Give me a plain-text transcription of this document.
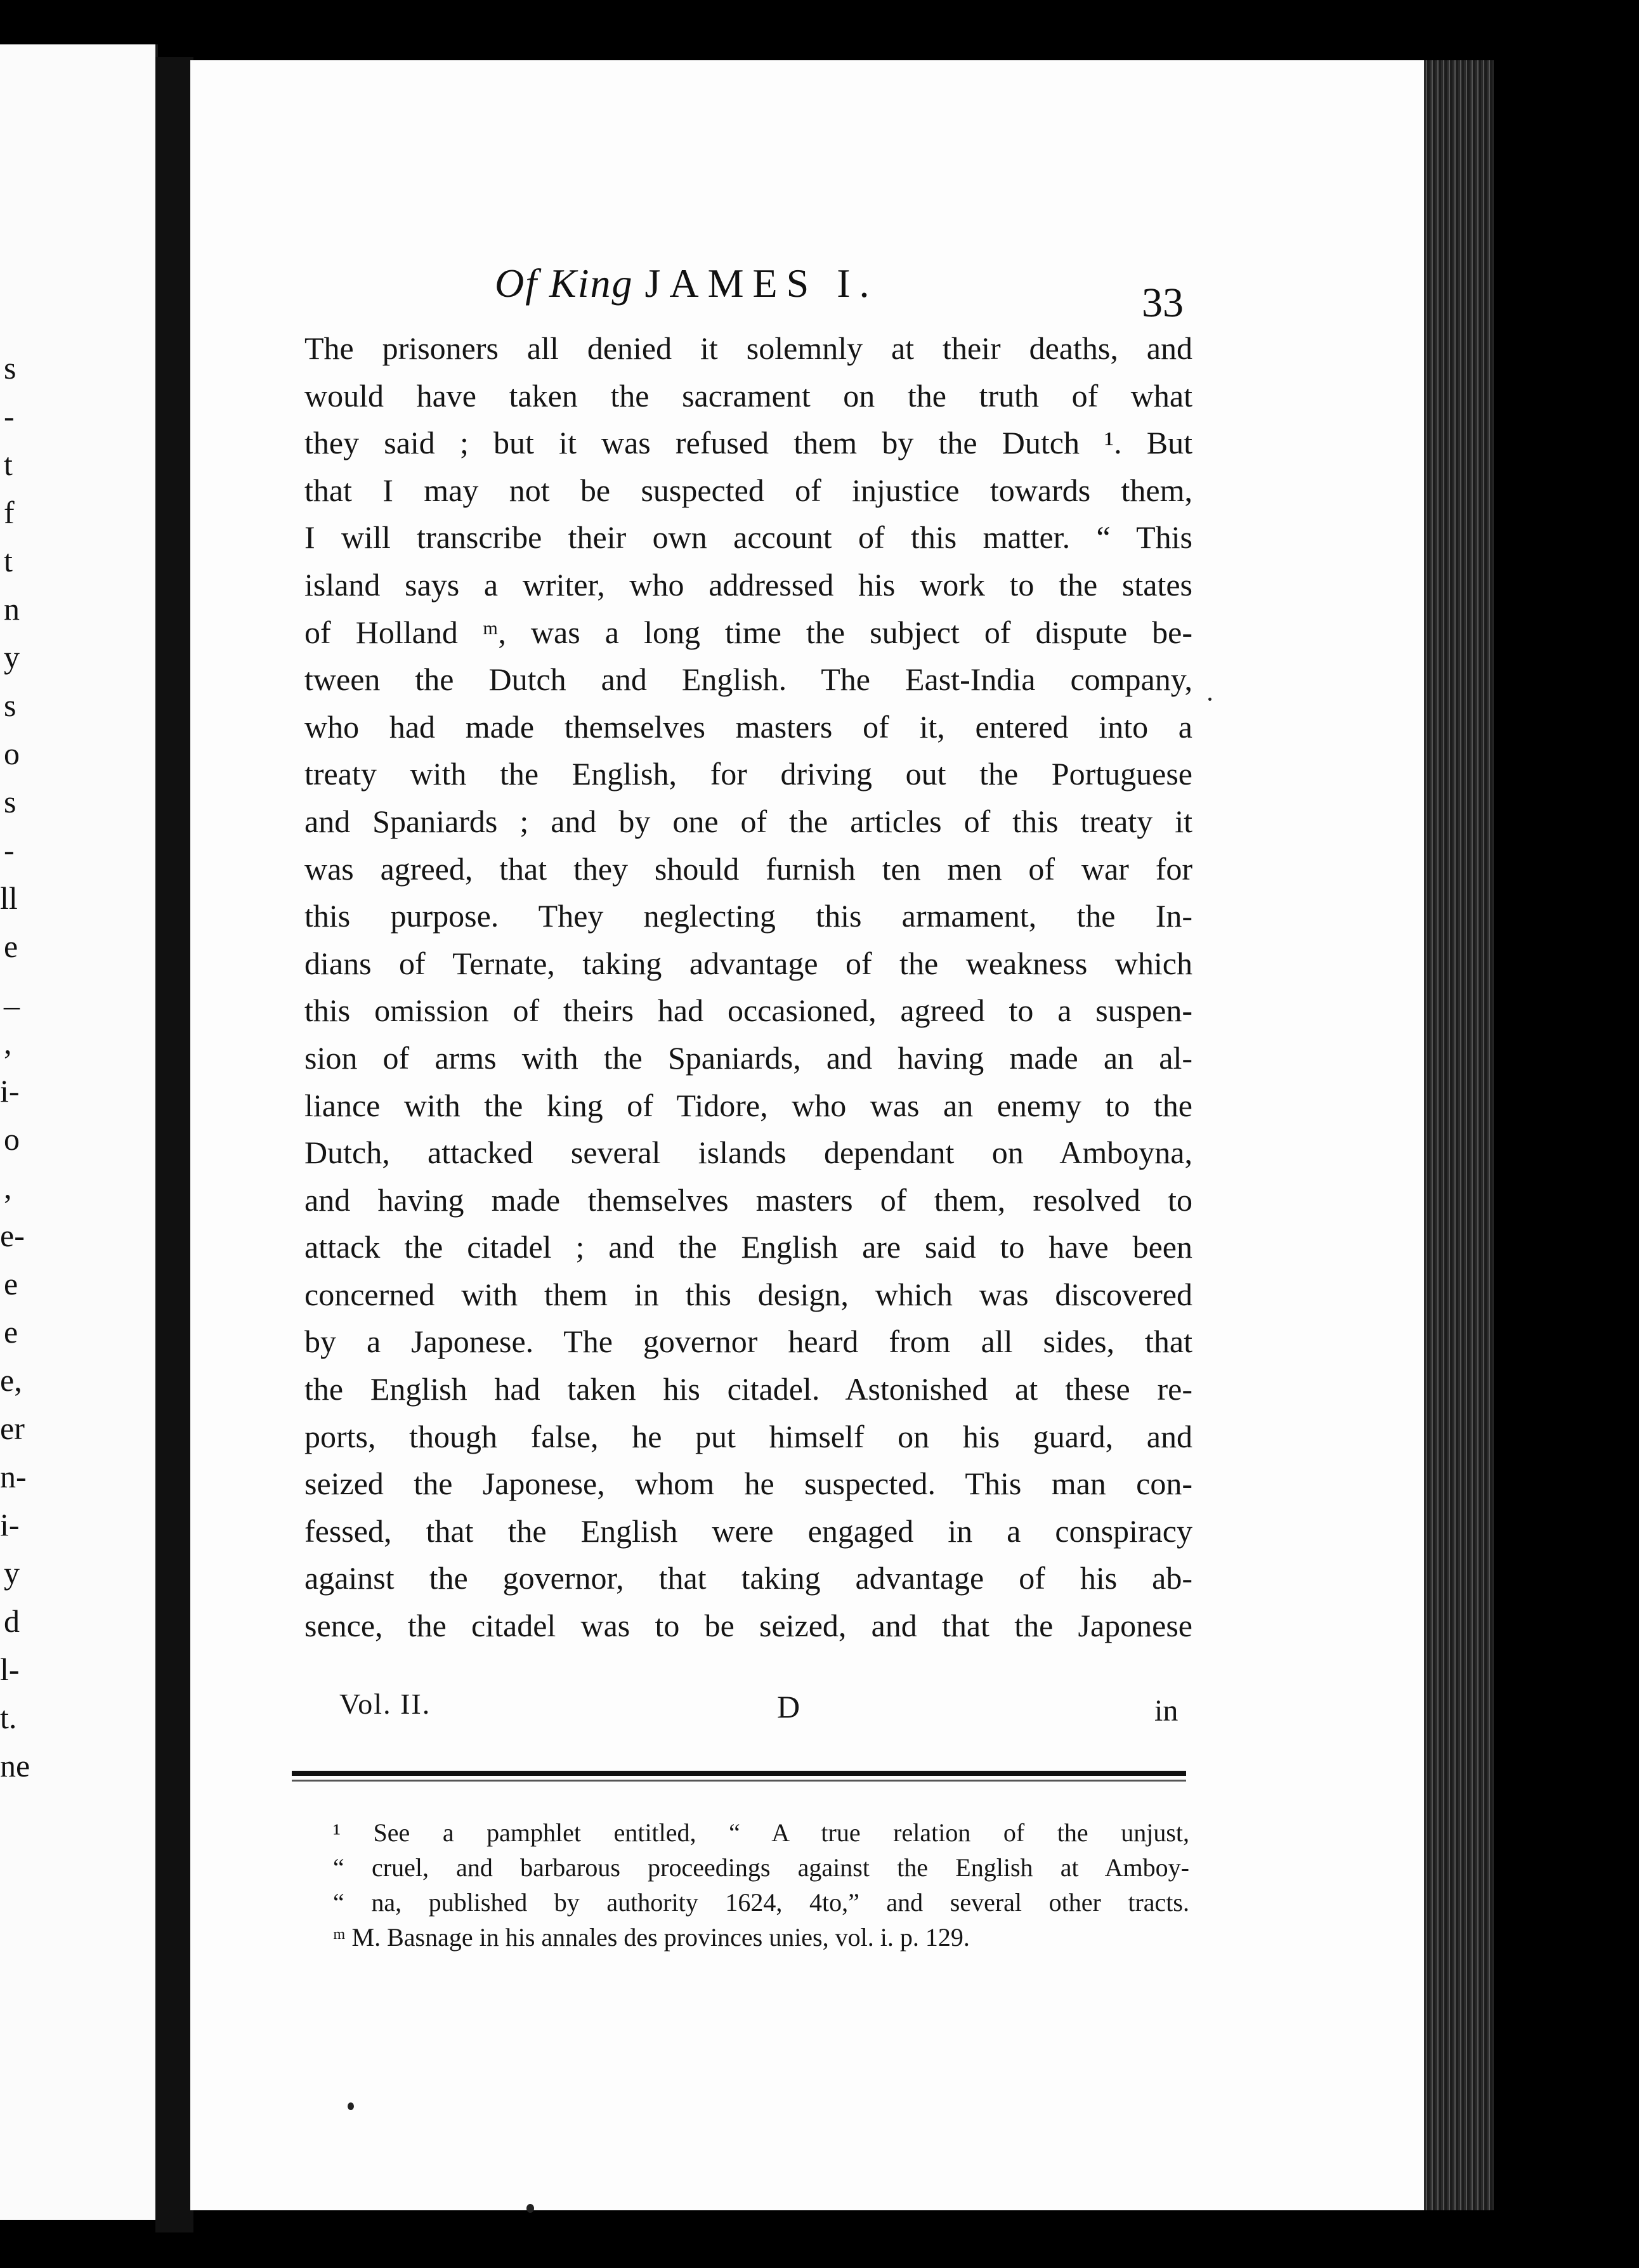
s
-
t
f
t
n
y
s
o
s
-
ll
e
_
,
i-
o
,
e-
e
e
e,
er
n-
i-
y
d
l-
t.
ne
Of King JAMES I.	33
The prisoners all denied it solemnly at their deaths, and
would have taken the sacrament on the truth of what
they said ; but it was refused them by the Dutch ¹. But
that I may not be suspected of injustice towards them,
I will transcribe their own account of this matter. “ This
island says a writer, who addressed his work to the states
of Holland ᵐ, was a long time the subject of dispute be-
tween the Dutch and English. The East-India company,
who had made themselves masters of it, entered into a
treaty with the English, for driving out the Portuguese
and Spaniards ; and by one of the articles of this treaty it
was agreed, that they should furnish ten men of war for
this purpose. They neglecting this armament, the In-
dians of Ternate, taking advantage of the weakness which
this omission of theirs had occasioned, agreed to a suspen-
sion of arms with the Spaniards, and having made an al-
liance with the king of Tidore, who was an enemy to the
Dutch, attacked several islands dependant on Amboyna,
and having made themselves masters of them, resolved to
attack the citadel ; and the English are said to have been
concerned with them in this design, which was discovered
by a Japonese. The governor heard from all sides, that
the English had taken his citadel. Astonished at these re-
ports, though false, he put himself on his guard, and
seized the Japonese, whom he suspected. This man con-
fessed, that the English were engaged in a conspiracy
against the governor, that taking advantage of his ab-
sence, the citadel was to be seized, and that the Japonese
Vol. II.	D	in
¹ See a pamphlet entitled, “ A true relation of the unjust,
“ cruel, and barbarous proceedings against the English at Amboy-
“ na, published by authority 1624, 4to,” and several other tracts.
ᵐ M. Basnage in his annales des provinces unies, vol. i. p. 129.
